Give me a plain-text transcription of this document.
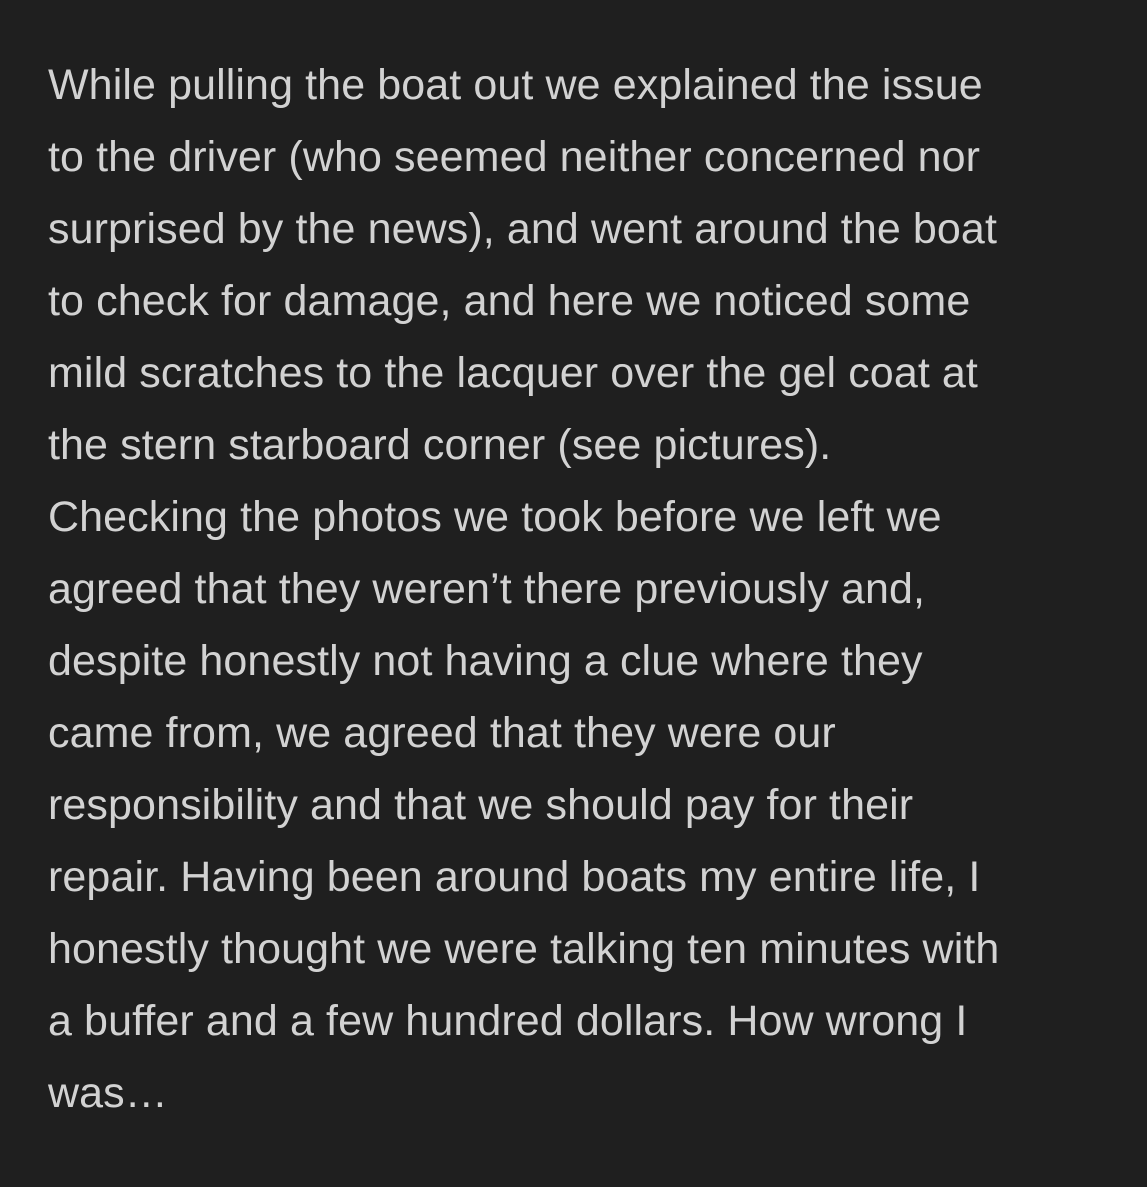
While pulling the boat out we explained the issue
to the driver (who seemed neither concerned nor
surprised by the news), and went around the boat
to check for damage, and here we noticed some
mild scratches to the lacquer over the gel coat at
the stern starboard corner (see pictures).
Checking the photos we took before we left we
agreed that they weren’t there previously and,
despite honestly not having a clue where they
came from, we agreed that they were our
responsibility and that we should pay for their
repair. Having been around boats my entire life, I
honestly thought we were talking ten minutes with
a buffer and a few hundred dollars. How wrong I
was…
